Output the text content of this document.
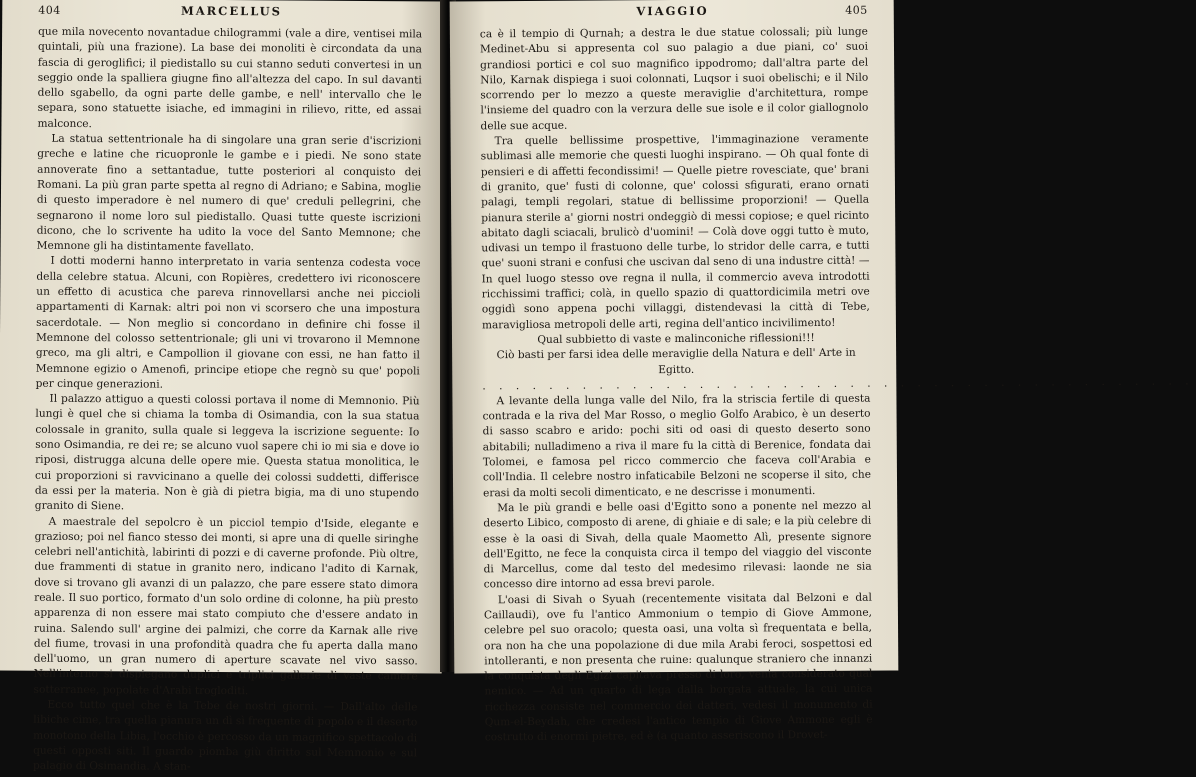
404	MARCELLUS

que mila novecento novantadue chilogrammi (vale a dire, ventisei mila quintali, più una frazione). La base dei monoliti è circondata da una fascia di geroglifici; il piedistallo su cui stanno seduti convertesi in un seggio onde la spalliera giugne fino all'altezza del capo. In sul davanti dello sgabello, da ogni parte delle gambe, e nell' intervallo che le separa, sono statuette isiache, ed immagini in rilievo, ritte, ed assai malconce.

La statua settentrionale ha di singolare una gran serie d'iscrizioni greche e latine che ricuopronle le gambe e i piedi. Ne sono state annoverate fino a settantadue, tutte posteriori al conquisto dei Romani. La più gran parte spetta al regno di Adriano; e Sabina, moglie di questo imperadore è nel numero di que' creduli pellegrini, che segnarono il nome loro sul piedistallo. Quasi tutte queste iscrizioni dicono, che lo scrivente ha udito la voce del Santo Memnone; che Memnone gli ha distintamente favellato.

I dotti moderni hanno interpretato in varia sentenza codesta voce della celebre statua. Alcuni, con Ropières, credettero ivi riconoscere un effetto di acustica che pareva rinnovellarsi anche nei piccioli appartamenti di Karnak: altri poi non vi scorsero che una impostura sacerdotale. — Non meglio si concordano in definire chi fosse il Memnone del colosso settentrionale; gli uni vi trovarono il Memnone greco, ma gli altri, e Campollion il giovane con essi, ne han fatto il Memnone egizio o Amenofi, principe etiope che regnò su que' popoli per cinque generazioni.

Il palazzo attiguo a questi colossi portava il nome di Memnonio. Più lungi è quel che si chiama la tomba di Osimandia, con la sua statua colossale in granito, sulla quale si leggeva la iscrizione seguente: Io sono Osimandia, re dei re; se alcuno vuol sapere chi io mi sia e dove io riposi, distrugga alcuna delle opere mie. Questa statua monolitica, le cui proporzioni si ravvicinano a quelle dei colossi suddetti, differisce da essi per la materia. Non è già di pietra bigia, ma di uno stupendo granito di Siene.

A maestrale del sepolcro è un picciol tempio d'Iside, elegante e grazioso; poi nel fianco stesso dei monti, si apre una di quelle siringhe celebri nell'antichità, labirinti di pozzi e di caverne profonde. Più oltre, due frammenti di statue in granito nero, indicano l'adito di Karnak, dove si trovano gli avanzi di un palazzo, che pare essere stato dimora reale. Il suo portico, formato d'un solo ordine di colonne, ha più presto apparenza di non essere mai stato compiuto che d'essere andato in ruina. Salendo sull' argine dei palmizi, che corre da Karnak alle rive del fiume, trovasi in una profondità quadra che fu aperta dalla mano dell'uomo, un gran numero di aperture scavate nel vivo sasso. Nell'interno si dispiegano duplici e triplici gallerie di vaste camere sotterranee, popolate d'Arabi trogloditi.

Ecco tutto quel che è la Tebe de nostri giorni. — Dall'alto delle libiche cime, tra quella pianura un dì sì frequente di popolo e il deserto monotono della Libia, l'occhio è percosso da un magnifico spettacolo di questi opposti siti. Il guardo piomba giù diritto sul Memnonio e sul palagio di Osimandia. A stan-

VIAGGIO	405

ca è il tempio di Qurnah; a destra le due statue colossali; più lunge Medinet-Abu si appresenta col suo palagio a due piani, co' suoi grandiosi portici e col suo magnifico ippodromo; dall'altra parte del Nilo, Karnak dispiega i suoi colonnati, Luqsor i suoi obelischi; e il Nilo scorrendo per lo mezzo a queste meraviglie d'architettura, rompe l'insieme del quadro con la verzura delle sue isole e il color giallognolo delle sue acque.

Tra quelle bellissime prospettive, l'immaginazione veramente sublimasi alle memorie che questi luoghi inspirano. — Oh qual fonte di pensieri e di affetti fecondissimi! — Quelle pietre rovesciate, que' brani di granito, que' fusti di colonne, que' colossi sfigurati, erano ornati palagi, templi regolari, statue di bellissime proporzioni! — Quella pianura sterile a' giorni nostri ondeggiò di messi copiose; e quel ricinto abitato dagli sciacali, brulicò d'uomini! — Colà dove oggi tutto è muto, udivasi un tempo il frastuono delle turbe, lo stridor delle carra, e tutti que' suoni strani e confusi che uscivan dal seno di una industre città! — In quel luogo stesso ove regna il nulla, il commercio aveva introdotti ricchissimi traffici; colà, in quello spazio di quattordicimila metri ove oggidì sono appena pochi villaggi, distendevasi la città di Tebe, maravigliosa metropoli delle arti, regina dell'antico incivilimento!

Qual subbietto di vaste e malinconiche riflessioni!!!

Ciò basti per farsi idea delle meraviglie della Natura e dell' Arte in Egitto.

. . . . . . . . . . . . . . . . . . . . . . . . . . . . . . . . . . . . . . . . . . .

A levante della lunga valle del Nilo, fra la striscia fertile di questa contrada e la riva del Mar Rosso, o meglio Golfo Arabico, è un deserto di sasso scabro e arido: pochi siti od oasi di questo deserto sono abitabili; nulladimeno a riva il mare fu la città di Berenice, fondata dai Tolomei, e famosa pel ricco commercio che faceva coll'Arabia e coll'India. Il celebre nostro infaticabile Belzoni ne scoperse il sito, che erasi da molti secoli dimenticato, e ne descrisse i monumenti.

Ma le più grandi e belle oasi d'Egitto sono a ponente nel mezzo al deserto Libico, composto di arene, di ghiaie e di sale; e la più celebre di esse è la oasi di Sivah, della quale Maometto Alì, presente signore dell'Egitto, ne fece la conquista circa il tempo del viaggio del visconte di Marcellus, come dal testo del medesimo rilevasi: laonde ne sia concesso dire intorno ad essa brevi parole.

L'oasi di Sivah o Syuah (recentemente visitata dal Belzoni e dal Caillaudi), ove fu l'antico Ammonium o tempio di Giove Ammone, celebre pel suo oracolo; questa oasi, una volta sì frequentata e bella, ora non ha che una popolazione di due mila Arabi feroci, sospettosi ed intolleranti, e non presenta che ruine: qualunque straniero che innanzi la conquista degli Egizi capitava presso di loro, venia considerato qual nemico. — Ad un quarto di lega dalla borgata attuale, la cui unica ricchezza consiste nel commercio dei datteri, vedesi il monumento di Qum-el-Beydah, che credesi l'antico tempio di Giove Ammone egli è costrutto di enormi pietre, ed è (a quanto asseriscono il Drovet-
